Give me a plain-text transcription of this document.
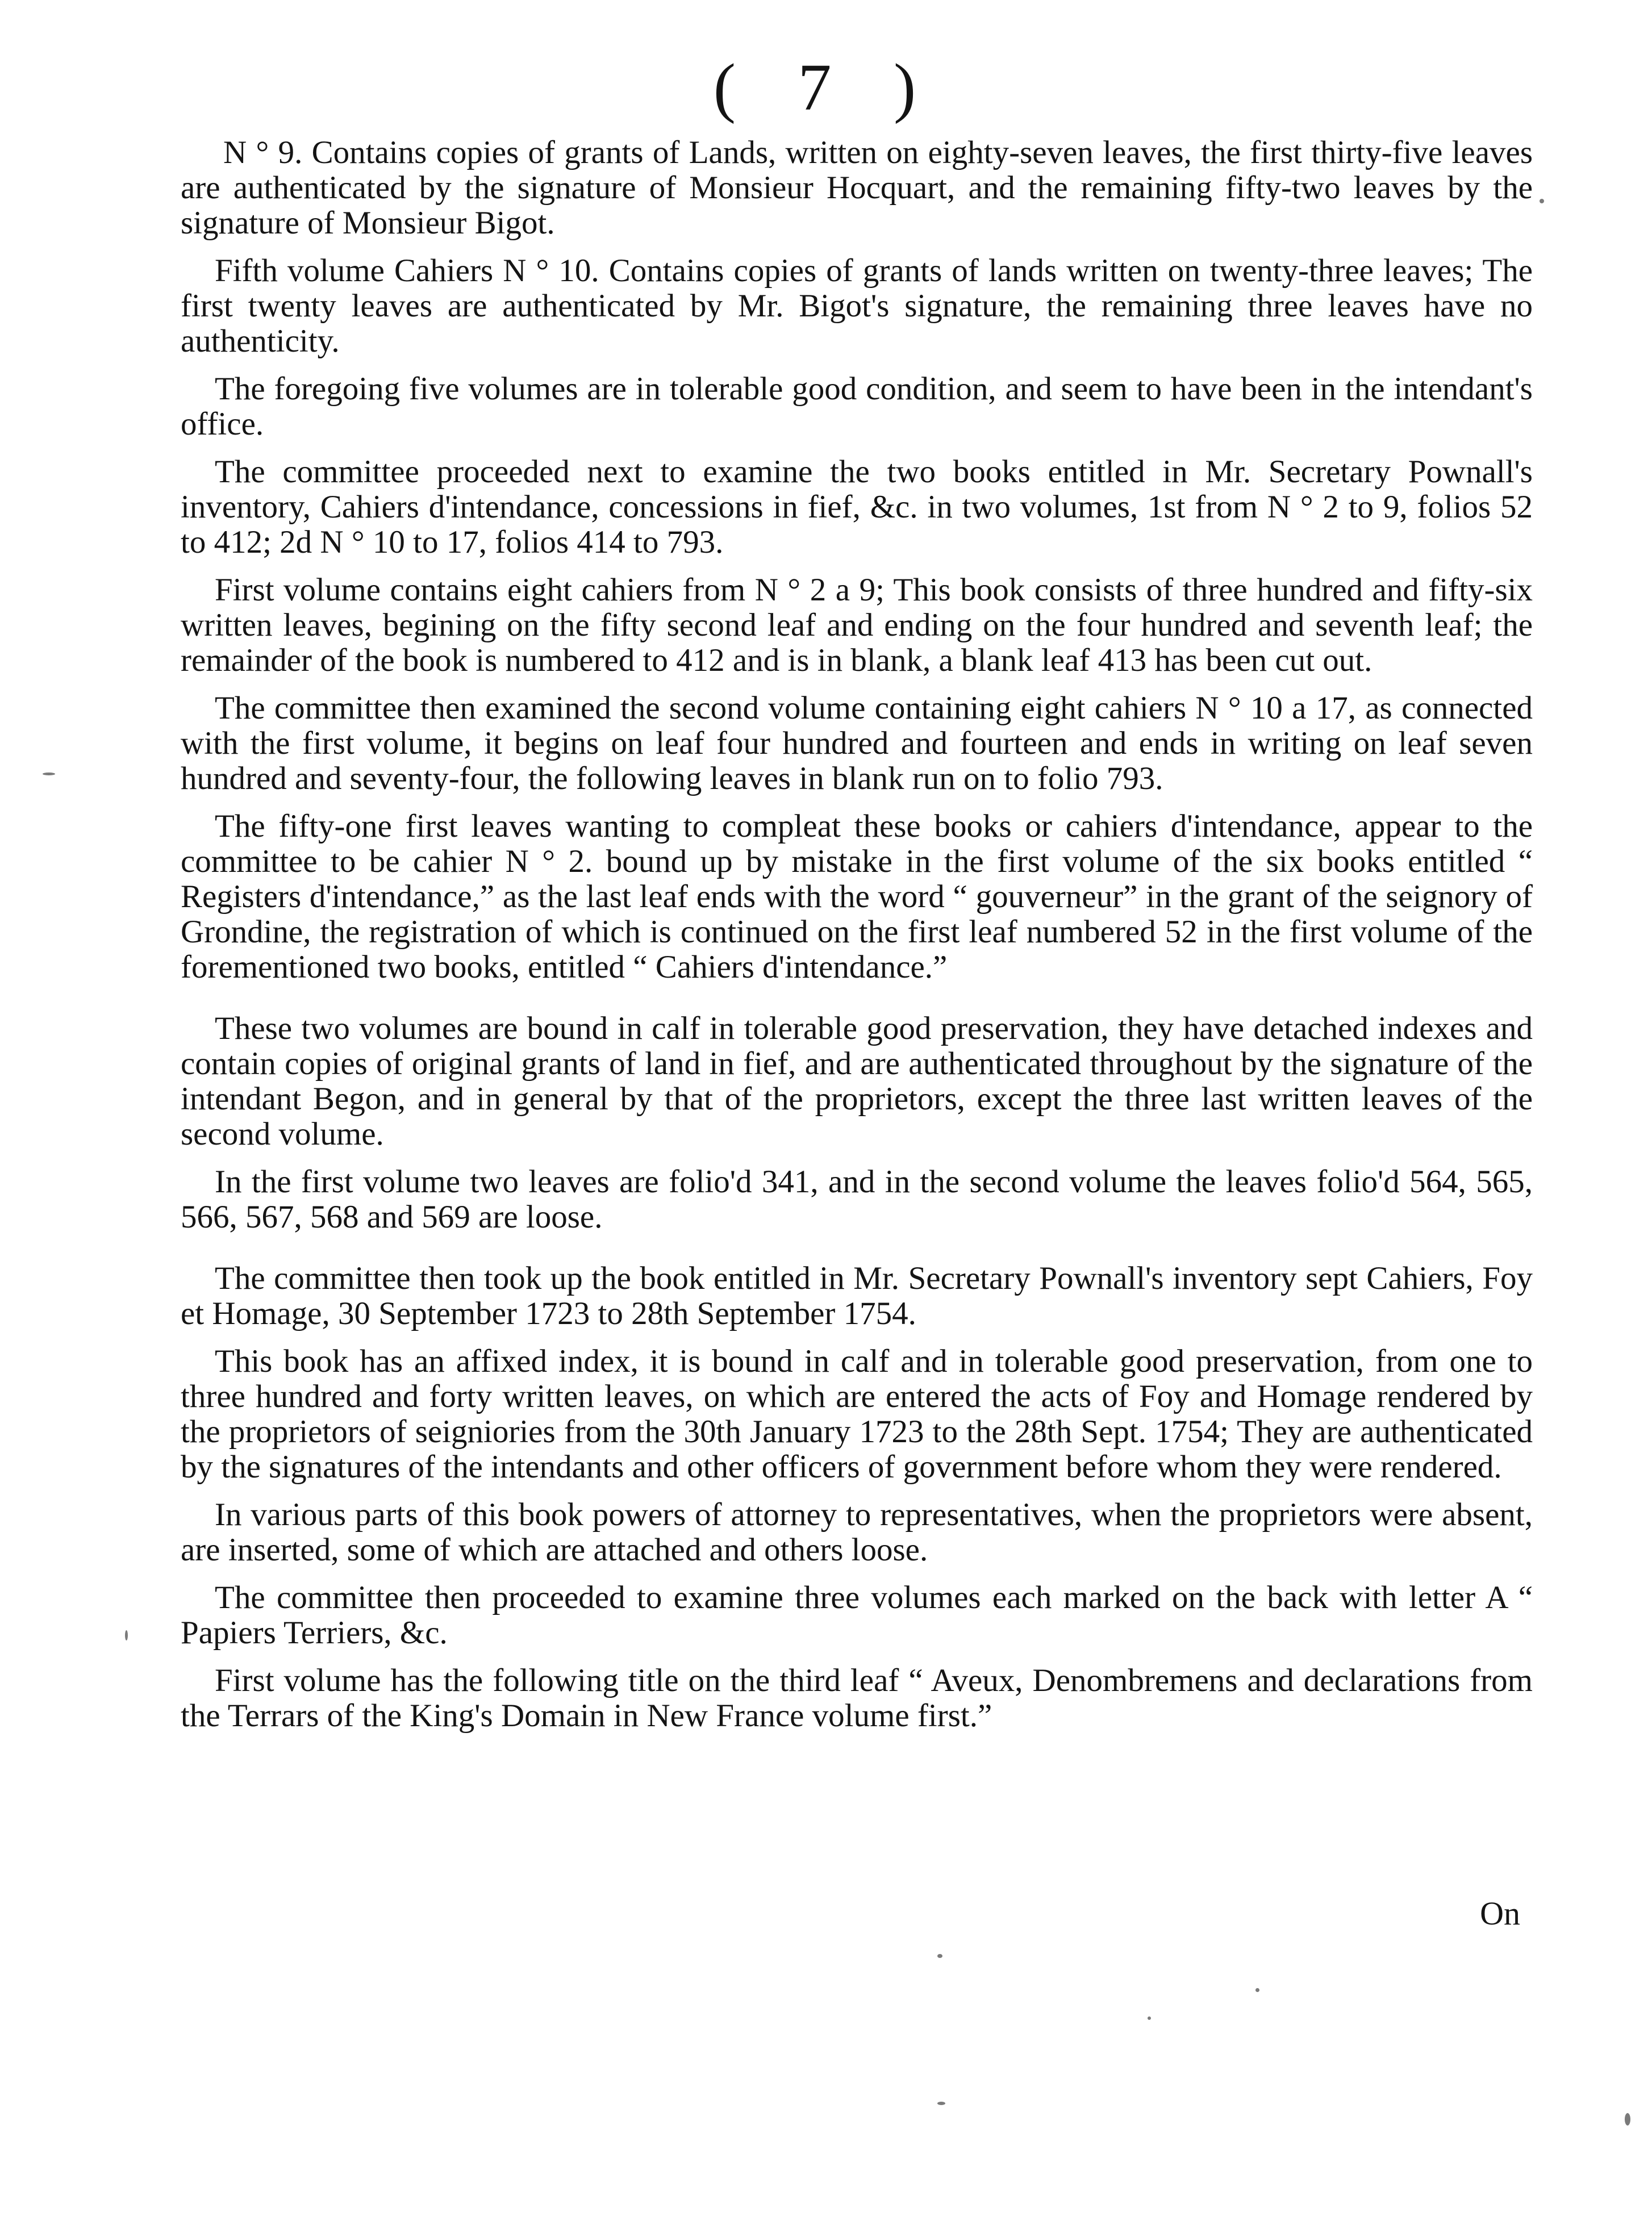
( 7 )

N ° 9. Contains copies of grants of Lands, written on eighty-seven leaves, the first thirty-five leaves are authenticated by the signature of Monsieur Hocquart, and the remaining fifty-two leaves by the signature of Monsieur Bigot.

Fifth volume Cahiers N ° 10. Contains copies of grants of lands written on twenty-three leaves; The first twenty leaves are authenticated by Mr. Bigot's signature, the remaining three leaves have no authenticity.

The foregoing five volumes are in tolerable good condition, and seem to have been in the intendant's office.

The committee proceeded next to examine the two books entitled in Mr. Secretary Pownall's inventory, Cahiers d'intendance, concessions in fief, &c. in two volumes, 1st from N ° 2 to 9, folios 52 to 412; 2d N ° 10 to 17, folios 414 to 793.

First volume contains eight cahiers from N ° 2 a 9; This book consists of three hundred and fifty-six written leaves, begining on the fifty second leaf and ending on the four hundred and seventh leaf; the remainder of the book is numbered to 412 and is in blank, a blank leaf 413 has been cut out.

The committee then examined the second volume containing eight cahiers N ° 10 a 17, as connected with the first volume, it begins on leaf four hundred and fourteen and ends in writing on leaf seven hundred and seventy-four, the following leaves in blank run on to folio 793.

The fifty-one first leaves wanting to compleat these books or cahiers d'intendance, appear to the committee to be cahier N ° 2. bound up by mistake in the first volume of the six books entitled “ Registers d'intendance,” as the last leaf ends with the word “ gouverneur” in the grant of the seignory of Grondine, the registration of which is continued on the first leaf numbered 52 in the first volume of the forementioned two books, entitled “ Cahiers d'intendance.”

These two volumes are bound in calf in tolerable good preservation, they have detached indexes and contain copies of original grants of land in fief, and are authenticated throughout by the signature of the intendant Begon, and in general by that of the proprietors, except the three last written leaves of the second volume.

In the first volume two leaves are folio'd 341, and in the second volume the leaves folio'd 564, 565, 566, 567, 568 and 569 are loose.

The committee then took up the book entitled in Mr. Secretary Pownall's inventory sept Cahiers, Foy et Homage, 30 September 1723 to 28th September 1754.

This book has an affixed index, it is bound in calf and in tolerable good preservation, from one to three hundred and forty written leaves, on which are entered the acts of Foy and Homage rendered by the proprietors of seigniories from the 30th January 1723 to the 28th Sept. 1754; They are authenticated by the signatures of the intendants and other officers of government before whom they were rendered.

In various parts of this book powers of attorney to representatives, when the proprietors were absent, are inserted, some of which are attached and others loose.

The committee then proceeded to examine three volumes each marked on the back with letter A “ Papiers Terriers, &c.

First volume has the following title on the third leaf “ Aveux, Denombremens and declarations from the Terrars of the King's Domain in New France volume first.”

On
